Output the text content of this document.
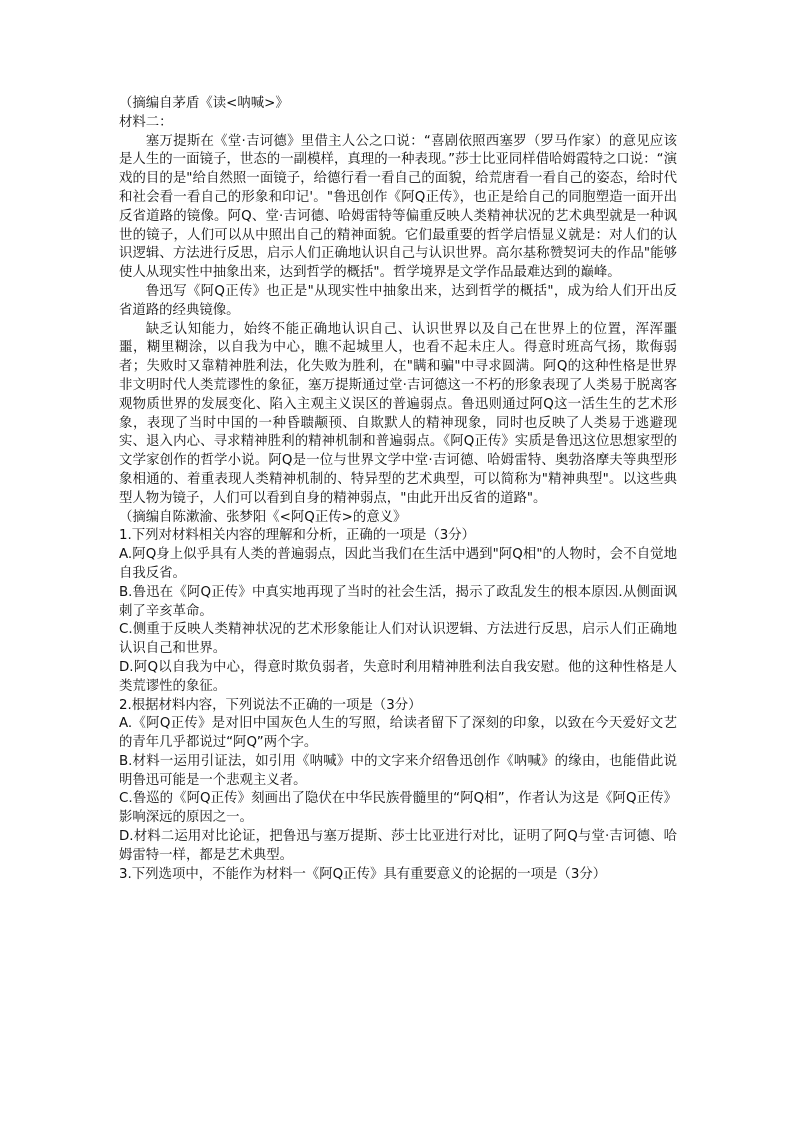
（摘编自茅盾《读<呐喊>》

材料二：

塞万提斯在《堂·吉诃德》里借主人公之口说：“喜剧依照西塞罗（罗马作家）的意见应该是人生的一面镜子，世态的一副模样，真理的一种表现。”莎士比亚同样借哈姆霞特之口说：“演戏的目的是"给自然照一面镜子，给德行看一看自己的面貌，给荒唐看一看自己的姿态，给时代和社会看一看自己的形象和印记'。"鲁迅创作《阿Q正传》，也正是给自己的同胞塑造一面开出反省道路的镜像。阿Q、堂·吉诃德、哈姆雷特等偏重反映人类精神状况的艺术典型就是一种讽世的镜子，人们可以从中照出自己的精神面貌。它们最重要的哲学启悟显义就是：对人们的认识逻辑、方法进行反思，启示人们正确地认识自己与认识世界。高尔基称赞契诃夫的作品"能够使人从现实性中抽象出来，达到哲学的概括"。哲学境界是文学作品最难达到的巅峰。

鲁迅写《阿Q正传》也正是"从现实性中抽象出来，达到哲学的概括"，成为给人们开出反省道路的经典镜像。

缺乏认知能力，始终不能正确地认识自己、认识世界以及自己在世界上的位置，浑浑噩噩，糊里糊涂，以自我为中心，瞧不起城里人，也看不起未庄人。得意时班高气扬，欺侮弱者；失败时又靠精神胜利法，化失败为胜利，在"瞒和骗"中寻求圆满。阿Q的这种性格是世界非文明时代人类荒谬性的象征，塞万提斯通过堂·吉诃德这一不朽的形象表现了人类易于脱离客观物质世界的发展变化、陷入主观主义误区的普遍弱点。鲁迅则通过阿Q这一活生生的艺术形象，表现了当时中国的一种昏聩颟顸、自欺默人的精神现象，同时也反映了人类易于逃避现实、退入内心、寻求精神胜利的精神机制和普遍弱点。《阿Q正传》实质是鲁迅这位思想家型的文学家创作的哲学小说。阿Q是一位与世界文学中堂·吉诃德、哈姆雷特、奥勃洛摩夫等典型形象相通的、着重表现人类精神机制的、特异型的艺术典型，可以简称为"精神典型"。以这些典型人物为镜子，人们可以看到自身的精神弱点，"由此开出反省的道路"。

（摘编自陈漱渝、张梦阳《<阿Q正传>的意义》

1.下列对材料相关内容的理解和分析，正确的一项是（3分）

A.阿Q身上似乎具有人类的普遍弱点，因此当我们在生活中遇到"阿Q相"的人物时，会不自觉地自我反省。

B.鲁迅在《阿Q正传》中真实地再现了当时的社会生活，揭示了政乱发生的根本原因.从侧面讽刺了辛亥革命。

C.侧重于反映人类精神状况的艺术形象能让人们对认识逻辑、方法进行反思，启示人们正确地认识自己和世界。

D.阿Q以自我为中心，得意时欺负弱者，失意时利用精神胜利法自我安慰。他的这种性格是人类荒谬性的象征。

2.根据材料内容，下列说法不正确的一项是（3分）

A.《阿Q正传》是对旧中国灰色人生的写照，给读者留下了深刻的印象，以致在今天爱好文艺的青年几乎都说过“阿Q”两个字。

B.材料一运用引证法，如引用《呐喊》中的文字来介绍鲁迅创作《呐喊》的缘由，也能借此说明鲁迅可能是一个悲观主义者。

C.鲁巡的《阿Q正传》刻画出了隐伏在中华民族骨髓里的“阿Q相”，作者认为这是《阿Q正传》影响深远的原因之一。

D.材料二运用对比论证，把鲁迅与塞万提斯、莎士比亚进行对比，证明了阿Q与堂·吉诃德、哈姆雷特一样，都是艺术典型。

3.下列选项中，不能作为材料一《阿Q正传》具有重要意义的论据的一项是（3分）
